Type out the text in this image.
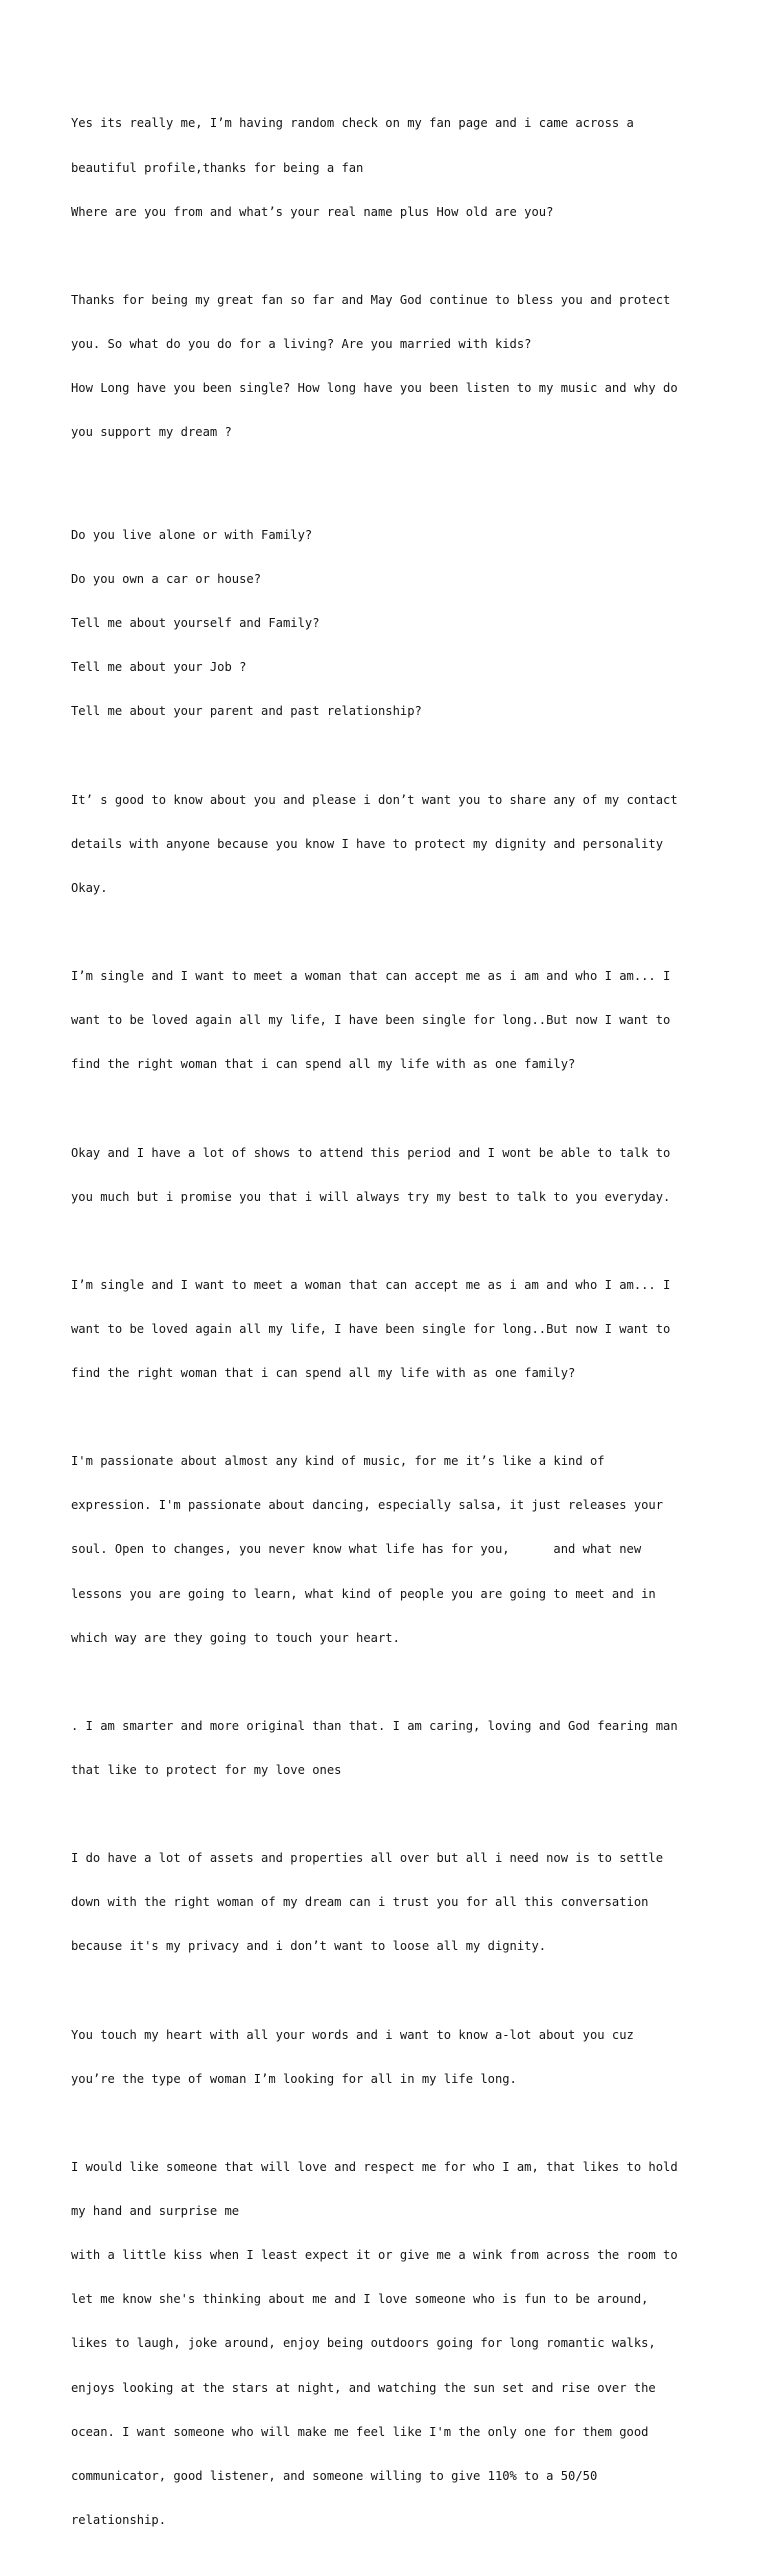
Yes its really me, I’m having random check on my fan page and i came across a

beautiful profile,thanks for being a fan

Where are you from and what’s your real name plus How old are you?

Thanks for being my great fan so far and May God continue to bless you and protect

you. So what do you do for a living? Are you married with kids?

How Long have you been single? How long have you been listen to my music and why do

you support my dream ?

Do you live alone or with Family?

Do you own a car or house?

Tell me about yourself and Family?

Tell me about your Job ?

Tell me about your parent and past relationship?

It’ s good to know about you and please i don’t want you to share any of my contact

details with anyone because you know I have to protect my dignity and personality

Okay.

I’m single and I want to meet a woman that can accept me as i am and who I am... I

want to be loved again all my life, I have been single for long..But now I want to

find the right woman that i can spend all my life with as one family?

Okay and I have a lot of shows to attend this period and I wont be able to talk to

you much but i promise you that i will always try my best to talk to you everyday.

I’m single and I want to meet a woman that can accept me as i am and who I am... I

want to be loved again all my life, I have been single for long..But now I want to

find the right woman that i can spend all my life with as one family?

I'm passionate about almost any kind of music, for me it’s like a kind of

expression. I'm passionate about dancing, especially salsa, it just releases your

soul. Open to changes, you never know what life has for you,      and what new

lessons you are going to learn, what kind of people you are going to meet and in

which way are they going to touch your heart.

. I am smarter and more original than that. I am caring, loving and God fearing man

that like to protect for my love ones

I do have a lot of assets and properties all over but all i need now is to settle

down with the right woman of my dream can i trust you for all this conversation

because it's my privacy and i don’t want to loose all my dignity.

You touch my heart with all your words and i want to know a-lot about you cuz

you’re the type of woman I’m looking for all in my life long.

I would like someone that will love and respect me for who I am, that likes to hold

my hand and surprise me

with a little kiss when I least expect it or give me a wink from across the room to

let me know she's thinking about me and I love someone who is fun to be around,

likes to laugh, joke around, enjoy being outdoors going for long romantic walks,

enjoys looking at the stars at night, and watching the sun set and rise over the

ocean. I want someone who will make me feel like I'm the only one for them good

communicator, good listener, and someone willing to give 110% to a 50/50

relationship.
